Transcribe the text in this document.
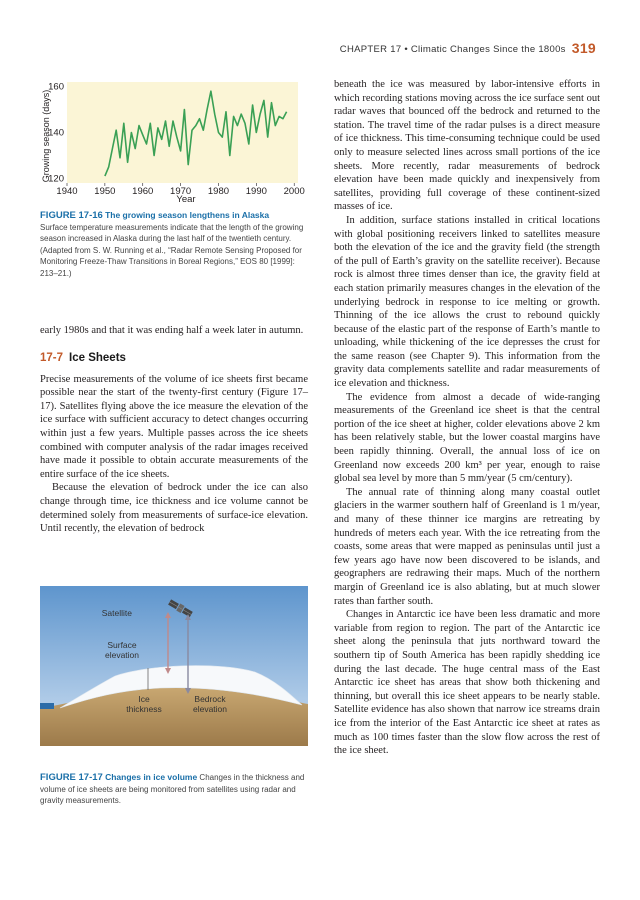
CHAPTER 17 • Climatic Changes Since the 1800s 319
1940 1950 1960 1970 1980 1990 2000
120
140
160
Year
Growing season (days)
FIGURE 17-16 The growing season lengthens in Alaska
Surface temperature measurements indicate that the length of the growing season increased in Alaska during the last half of the twentieth century. (Adapted from S. W. Running et al., “Radar Remote Sensing Proposed for Monitoring Freeze-Thaw Transitions in Boreal Regions,” EOS 80 [1999]: 213–21.)

early 1980s and that it was ending half a week later in autumn.

17-7 Ice Sheets

Precise measurements of the volume of ice sheets first became possible near the start of the twenty-first century (Figure 17–17). Satellites flying above the ice measure the elevation of the ice surface with sufficient accuracy to detect changes occurring within just a few years. Multiple passes across the ice sheets combined with computer analysis of the radar images received have made it possible to obtain accurate measurements of the entire surface of the ice sheets.

Because the elevation of bedrock under the ice can also change through time, ice thickness and ice volume cannot be determined solely from measurements of surface-ice elevation. Until recently, the elevation of bedrock

Satellite
Surface elevation
Ice thickness
Bedrock elevation
FIGURE 17-17 Changes in ice volume Changes in the thickness and volume of ice sheets are being monitored from satellites using radar and gravity measurements.

beneath the ice was measured by labor-intensive efforts in which recording stations moving across the ice surface sent out radar waves that bounced off the bedrock and returned to the station. The travel time of the radar pulses is a direct measure of ice thickness. This time-consuming technique could be used only to measure selected lines across small portions of the ice sheets. More recently, radar measurements of bedrock elevation have been made quickly and inexpensively from satellites, providing full coverage of these continent-sized masses of ice.

In addition, surface stations installed in critical locations with global positioning receivers linked to satellites measure both the elevation of the ice and the gravity field (the strength of the pull of Earth’s gravity on the satellite receiver). Because rock is almost three times denser than ice, the gravity field at each station primarily measures changes in the elevation of the underlying bedrock in response to ice melting or growth. Thinning of the ice allows the crust to rebound quickly because of the elastic part of the response of Earth’s mantle to unloading, while thickening of the ice depresses the crust for the same reason (see Chapter 9). This information from the gravity data complements satellite and radar measurements of ice elevation and thickness.

The evidence from almost a decade of wide-ranging measurements of the Greenland ice sheet is that the central portion of the ice sheet at higher, colder elevations above 2 km has been relatively stable, but the lower coastal margins have been rapidly thinning. Overall, the annual loss of ice on Greenland now exceeds 200 km³ per year, enough to raise global sea level by more than 5 mm/year (5 cm/century).

The annual rate of thinning along many coastal outlet glaciers in the warmer southern half of Greenland is 1 m/year, and many of these thinner ice margins are retreating by hundreds of meters each year. With the ice retreating from the coasts, some areas that were mapped as peninsulas until just a few years ago have now been discovered to be islands, and geographers are redrawing their maps. Much of the northern margin of Greenland ice is also ablating, but at much slower rates than farther south.

Changes in Antarctic ice have been less dramatic and more variable from region to region. The part of the Antarctic ice sheet along the peninsula that juts northward toward the southern tip of South America has been rapidly shedding ice during the last decade. The huge central mass of the East Antarctic ice sheet has areas that show both thickening and thinning, but overall this ice sheet appears to be nearly stable. Satellite evidence has also shown that narrow ice streams drain ice from the interior of the East Antarctic ice sheet at rates as much as 100 times faster than the slow flow across the rest of the ice sheet.
